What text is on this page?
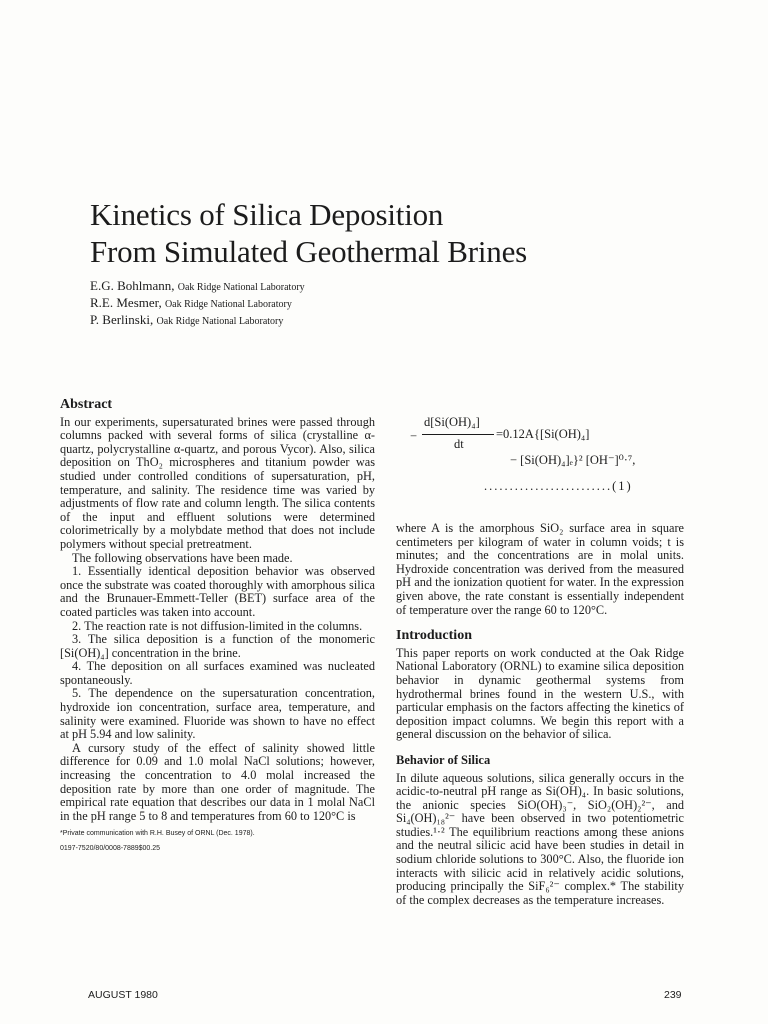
Kinetics of Silica Deposition
From Simulated Geothermal Brines
E.G. Bohlmann, Oak Ridge National Laboratory
R.E. Mesmer, Oak Ridge National Laboratory
P. Berlinski, Oak Ridge National Laboratory
Abstract

In our experiments, supersaturated brines were passed through columns packed with several forms of silica (crystalline α-quartz, polycrystalline α-quartz, and porous Vycor). Also, silica deposition on ThO₂ microspheres and titanium powder was studied under controlled conditions of supersaturation, pH, temperature, and salinity. The residence time was varied by adjustments of flow rate and column length. The silica contents of the input and effluent solutions were determined colorimetrically by a molybdate method that does not include polymers without special pretreatment.

The following observations have been made.

1. Essentially identical deposition behavior was observed once the substrate was coated thoroughly with amorphous silica and the Brunauer-Emmett-Teller (BET) surface area of the coated particles was taken into account.

2. The reaction rate is not diffusion-limited in the columns.

3. The silica deposition is a function of the monomeric [Si(OH)₄] concentration in the brine.

4. The deposition on all surfaces examined was nucleated spontaneously.

5. The dependence on the supersaturation concentration, hydroxide ion concentration, surface area, temperature, and salinity were examined. Fluoride was shown to have no effect at pH 5.94 and low salinity.

A cursory study of the effect of salinity showed little difference for 0.09 and 1.0 molal NaCl solutions; however, increasing the concentration to 4.0 molal increased the deposition rate by more than one order of magnitude. The empirical rate equation that describes our data in 1 molal NaCl in the pH range 5 to 8 and temperatures from 60 to 120°C is

*Private communication with R.H. Busey of ORNL (Dec. 1978).

0197-7520/80/0008-7889$00.25

−
d[Si(OH)₄]
dt
=0.12A{[Si(OH)₄]
− [Si(OH)₄]ₑ}² [OH⁻]⁰·⁷,
.........................(1)

where A is the amorphous SiO₂ surface area in square centimeters per kilogram of water in column voids; t is minutes; and the concentrations are in molal units. Hydroxide concentration was derived from the measured pH and the ionization quotient for water. In the expression given above, the rate constant is essentially independent of temperature over the range 60 to 120°C.

Introduction

This paper reports on work conducted at the Oak Ridge National Laboratory (ORNL) to examine silica deposition behavior in dynamic geothermal systems from hydrothermal brines found in the western U.S., with particular emphasis on the factors affecting the kinetics of deposition impact columns. We begin this report with a general discussion on the behavior of silica.

Behavior of Silica

In dilute aqueous solutions, silica generally occurs in the acidic-to-neutral pH range as Si(OH)₄. In basic solutions, the anionic species SiO(OH)₃⁻, SiO₂(OH)₂²⁻, and Si₄(OH)₁₈²⁻ have been observed in two potentiometric studies.¹·² The equilibrium reactions among these anions and the neutral silicic acid have been studies in detail in sodium chloride solutions to 300°C. Also, the fluoride ion interacts with silicic acid in relatively acidic solutions, producing principally the SiF₆²⁻ complex.* The stability of the complex decreases as the temperature increases.

AUGUST 1980	239
